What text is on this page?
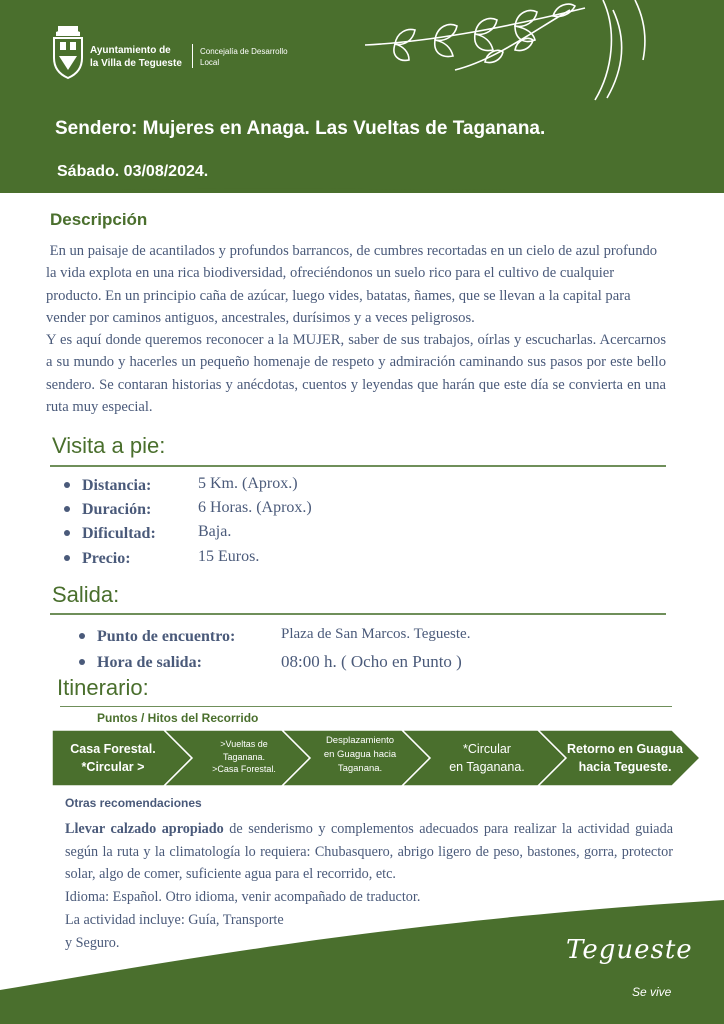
Ayuntamiento de
la Villa de Tegueste
Concejalía de Desarrollo
Local
Sendero: Mujeres en Anaga. Las Vueltas de Taganana.
Sábado. 03/08/2024.
Descripción

En un paisaje de acantilados y profundos barrancos, de cumbres recortadas en un cielo de azul profundo la vida explota en una rica biodiversidad, ofreciéndonos un suelo rico para el cultivo de cualquier producto. En un principio caña de azúcar, luego vides, batatas, ñames, que se llevan a la capital para vender por caminos antiguos, ancestrales, durísimos y a veces peligrosos.

Y es aquí donde queremos reconocer a la MUJER, saber de sus trabajos, oírlas y escucharlas. Acercarnos a su mundo y hacerles un pequeño homenaje de respeto y admiración caminando sus pasos por este bello sendero. Se contaran historias y anécdotas, cuentos y leyendas que harán que este día se convierta en una ruta muy especial.

Visita a pie:
Distancia:	5 Km. (Aprox.)
Duración:	6 Horas. (Aprox.)
Dificultad:	Baja.
Precio:	15 Euros.
Salida:
Punto de encuentro:	Plaza de San Marcos. Tegueste.
Hora de salida:	08:00 h. ( Ocho en Punto )
Itinerario:
Puntos / Hitos del Recorrido
Casa Forestal.
*Circular >
>Vueltas de
Taganana.
>Casa Forestal.
Desplazamiento
en Guagua hacia
Taganana.
*Circular
en Taganana.
Retorno en Guagua
hacia Tegueste.
Otras recomendaciones

Llevar calzado apropiado de senderismo y complementos adecuados para realizar la actividad guiada según la ruta y la climatología lo requiera: Chubasquero, abrigo ligero de peso, bastones, gorra, protector solar, algo de comer, suficiente agua para el recorrido, etc.

Idioma: Español. Otro idioma, venir acompañado de traductor.

La actividad incluye: Guía, Transporte

y Seguro.	Tegueste
Se vive
